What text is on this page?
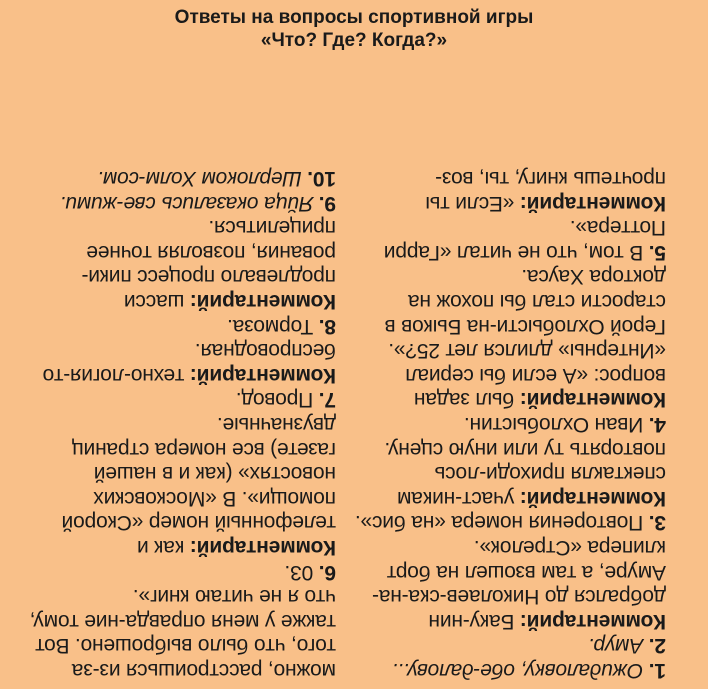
Ответы на вопросы спортивной игры
«Что? Где? Когда?»

1. Ожидаловку, обе-далову...

2. Амур.

Комментарий: Баку-нин добрался до Николаев-ска-на-Амуре, а там взошел на борт клипера «Стрелок».

3. Повторения номера «на бис».

Комментарий: участ-никам спектакля приходи-лось повторять ту или иную сцену.

4. Иван Охлобыстин.

Комментарий: был задан вопрос: «А если бы сериал «Интерны» длился лет 25?». Герой Охлобысти-на Быков в старости стал бы похож на доктора Хауса.

5. В том, что не читал «Гарри Поттера».

Комментарий: «Если ты прочтешь книгу, ты, воз-

можно, расстроишься из-за того, что было выброшено. Вот также у меня оправда-ние тому, что я не читаю книг».

6. 03.

Комментарий: как и телефонный номер «Скорой помощи». В «Московских новостях» (как и в нашей газете) все номера страниц двузначные.

7. Провод.

Комментарий: техно-логия-то беспроводная.

8. Тормоза.

Комментарий: шасси продлевало процесс пики-рования, позволяя точнее прицелиться.

9. Яйца оказались све-жими.

10. Шерлоком Холм-сом.
